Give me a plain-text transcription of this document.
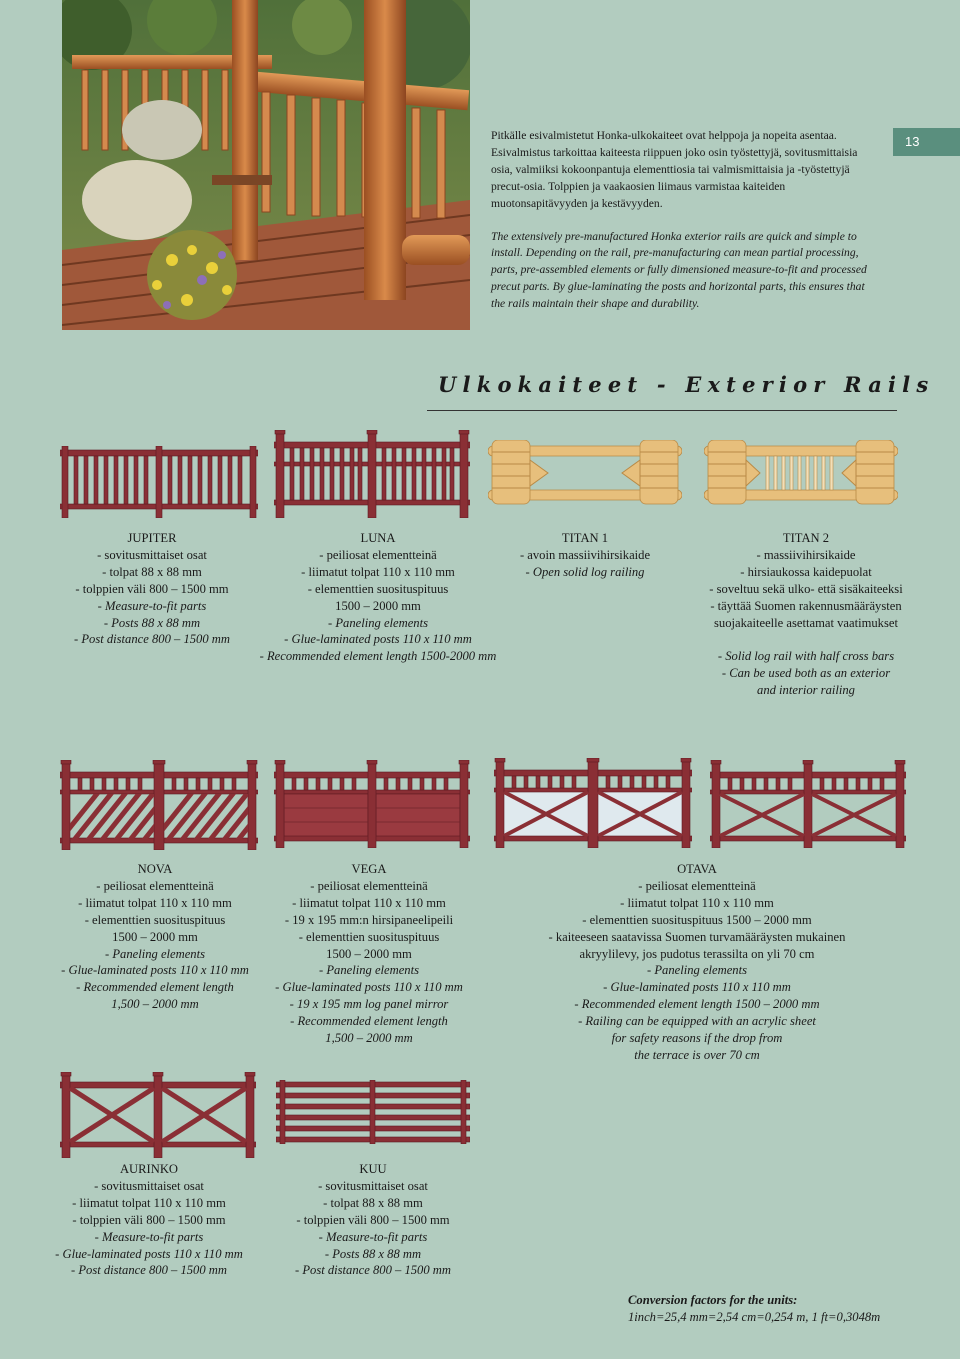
Pitkälle esivalmistetut Honka-ulkokaiteet ovat helppoja ja nopeita asentaa. Esivalmistus tarkoittaa kaiteesta riippuen joko osin työstettyjä, sovitusmittaisia osia, valmiiksi kokoonpantuja elementtiosia tai valmismittaisia ja -työstettyjä precut-osia. Tolppien ja vaakaosien liimaus varmistaa kaiteiden muotonsapitävyyden ja kestävyyden.

The extensively pre-manufactured Honka exterior rails are quick and simple to install. Depending on the rail, pre-manufacturing can mean partial processing, parts, pre-assembled elements or fully dimensioned measure-to-fit and processed precut parts. By glue-laminating the posts and horizontal parts, this ensures that the rails maintain their shape and durability.

13
Ulkokaiteet - Exterior Rails
JUPITER
- sovitusmittaiset osat
- tolpat 88 x 88 mm
- tolppien väli 800 – 1500 mm
- Measure-to-fit parts
- Posts 88 x 88 mm
- Post distance 800 – 1500 mm
LUNA
- peiliosat elementteinä
- liimatut tolpat 110 x 110 mm
- elementtien suosituspituus
1500 – 2000 mm
- Paneling elements
- Glue-laminated posts 110 x 110 mm
- Recommended element length 1500-2000 mm
TITAN 1
- avoin massiivihirsikaide
- Open solid log railing
TITAN 2
- massiivihirsikaide
- hirsiaukossa kaidepuolat
- soveltuu sekä ulko- että sisäkaiteeksi
- täyttää Suomen rakennusmääräysten
suojakaiteelle asettamat vaatimukset
- Solid log rail with half cross bars
- Can be used both as an exterior
and interior railing
NOVA
- peiliosat elementteinä
- liimatut tolpat 110 x 110 mm
- elementtien suosituspituus
1500 – 2000 mm
- Paneling elements
- Glue-laminated posts 110 x 110 mm
- Recommended element length
1,500 – 2000 mm
VEGA
- peiliosat elementteinä
- liimatut tolpat 110 x 110 mm
- 19 x 195 mm:n hirsipaneelipeili
- elementtien suosituspituus
1500 – 2000 mm
- Paneling elements
- Glue-laminated posts 110 x 110 mm
- 19 x 195 mm log panel mirror
- Recommended element length
1,500 – 2000 mm
OTAVA
- peiliosat elementteinä
- liimatut tolpat 110 x 110 mm
- elementtien suosituspituus 1500 – 2000 mm
- kaiteeseen saatavissa Suomen turvamääräysten mukainen
akryylilevy, jos pudotus terassilta on yli 70 cm
- Paneling elements
- Glue-laminated posts 110 x 110 mm
- Recommended element length 1500 – 2000 mm
- Railing can be equipped with an acrylic sheet
for safety reasons if the drop from
the terrace is over 70 cm
AURINKO
- sovitusmittaiset osat
- liimatut tolpat 110 x 110 mm
- tolppien väli 800 – 1500 mm
- Measure-to-fit parts
- Glue-laminated posts 110 x 110 mm
- Post distance 800 – 1500 mm
KUU
- sovitusmittaiset osat
- tolpat 88 x 88 mm
- tolppien väli 800 – 1500 mm
- Measure-to-fit parts
- Posts 88 x 88 mm
- Post distance 800 – 1500 mm
Conversion factors for the units:
1inch=25,4 mm=2,54 cm=0,254 m, 1 ft=0,3048m
